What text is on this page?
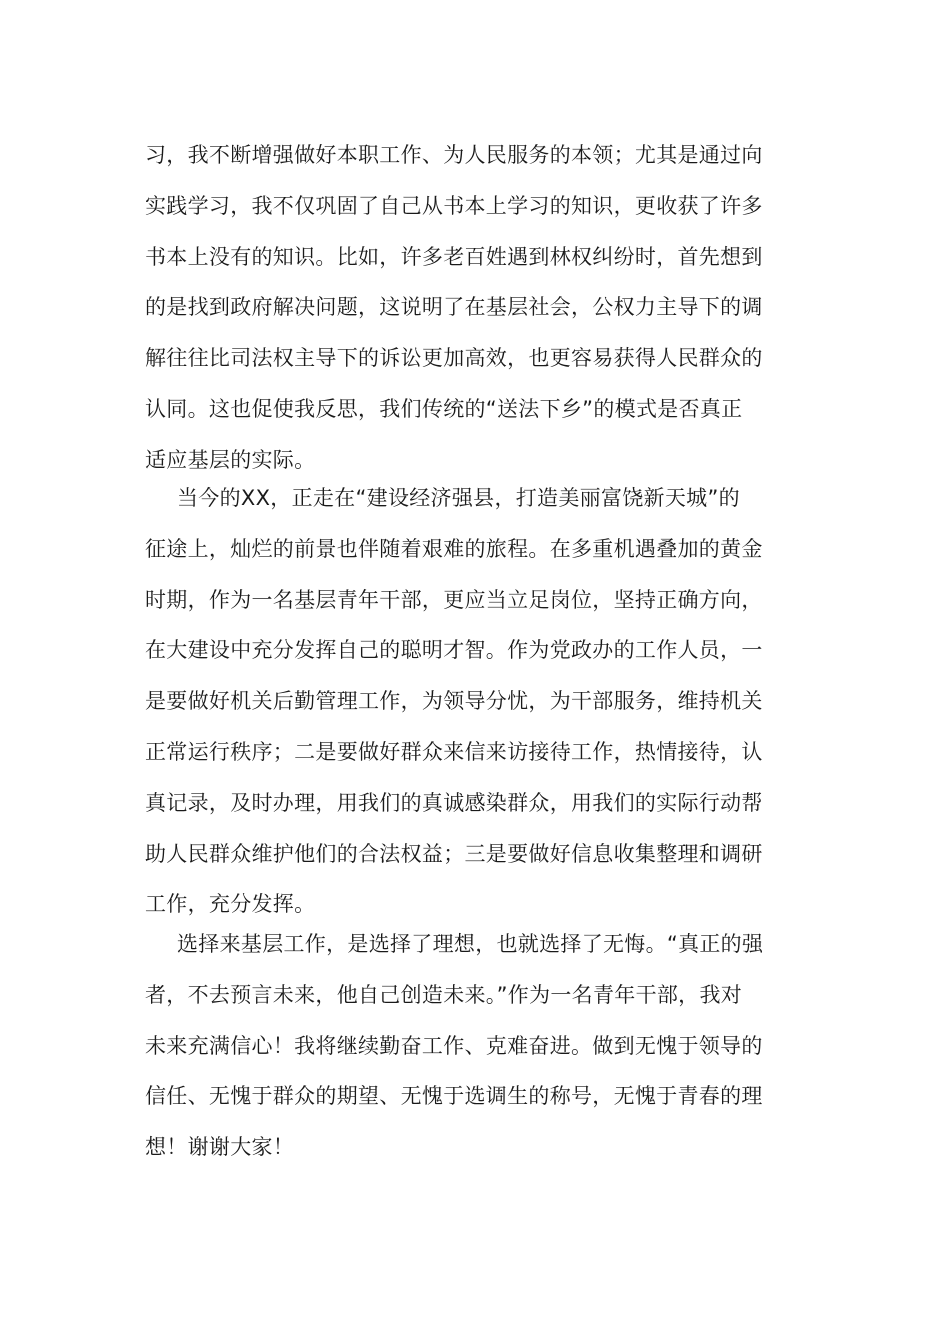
习，我不断增强做好本职工作、为人民服务的本领；尤其是通过向
实践学习，我不仅巩固了自己从书本上学习的知识，更收获了许多
书本上没有的知识。比如，许多老百姓遇到林权纠纷时，首先想到
的是找到政府解决问题，这说明了在基层社会，公权力主导下的调
解往往比司法权主导下的诉讼更加高效，也更容易获得人民群众的
认同。这也促使我反思，我们传统的“送法下乡”的模式是否真正
适应基层的实际。
当今的XX，正走在“建设经济强县，打造美丽富饶新天城”的
征途上，灿烂的前景也伴随着艰难的旅程。在多重机遇叠加的黄金
时期，作为一名基层青年干部，更应当立足岗位，坚持正确方向，
在大建设中充分发挥自己的聪明才智。作为党政办的工作人员，一
是要做好机关后勤管理工作，为领导分忧，为干部服务，维持机关
正常运行秩序；二是要做好群众来信来访接待工作，热情接待，认
真记录，及时办理，用我们的真诚感染群众，用我们的实际行动帮
助人民群众维护他们的合法权益；三是要做好信息收集整理和调研
工作，充分发挥。
选择来基层工作，是选择了理想，也就选择了无悔。“真正的强
者，不去预言未来，他自己创造未来。”作为一名青年干部，我对
未来充满信心！我将继续勤奋工作、克难奋进。做到无愧于领导的
信任、无愧于群众的期望、无愧于选调生的称号，无愧于青春的理
想！谢谢大家！
